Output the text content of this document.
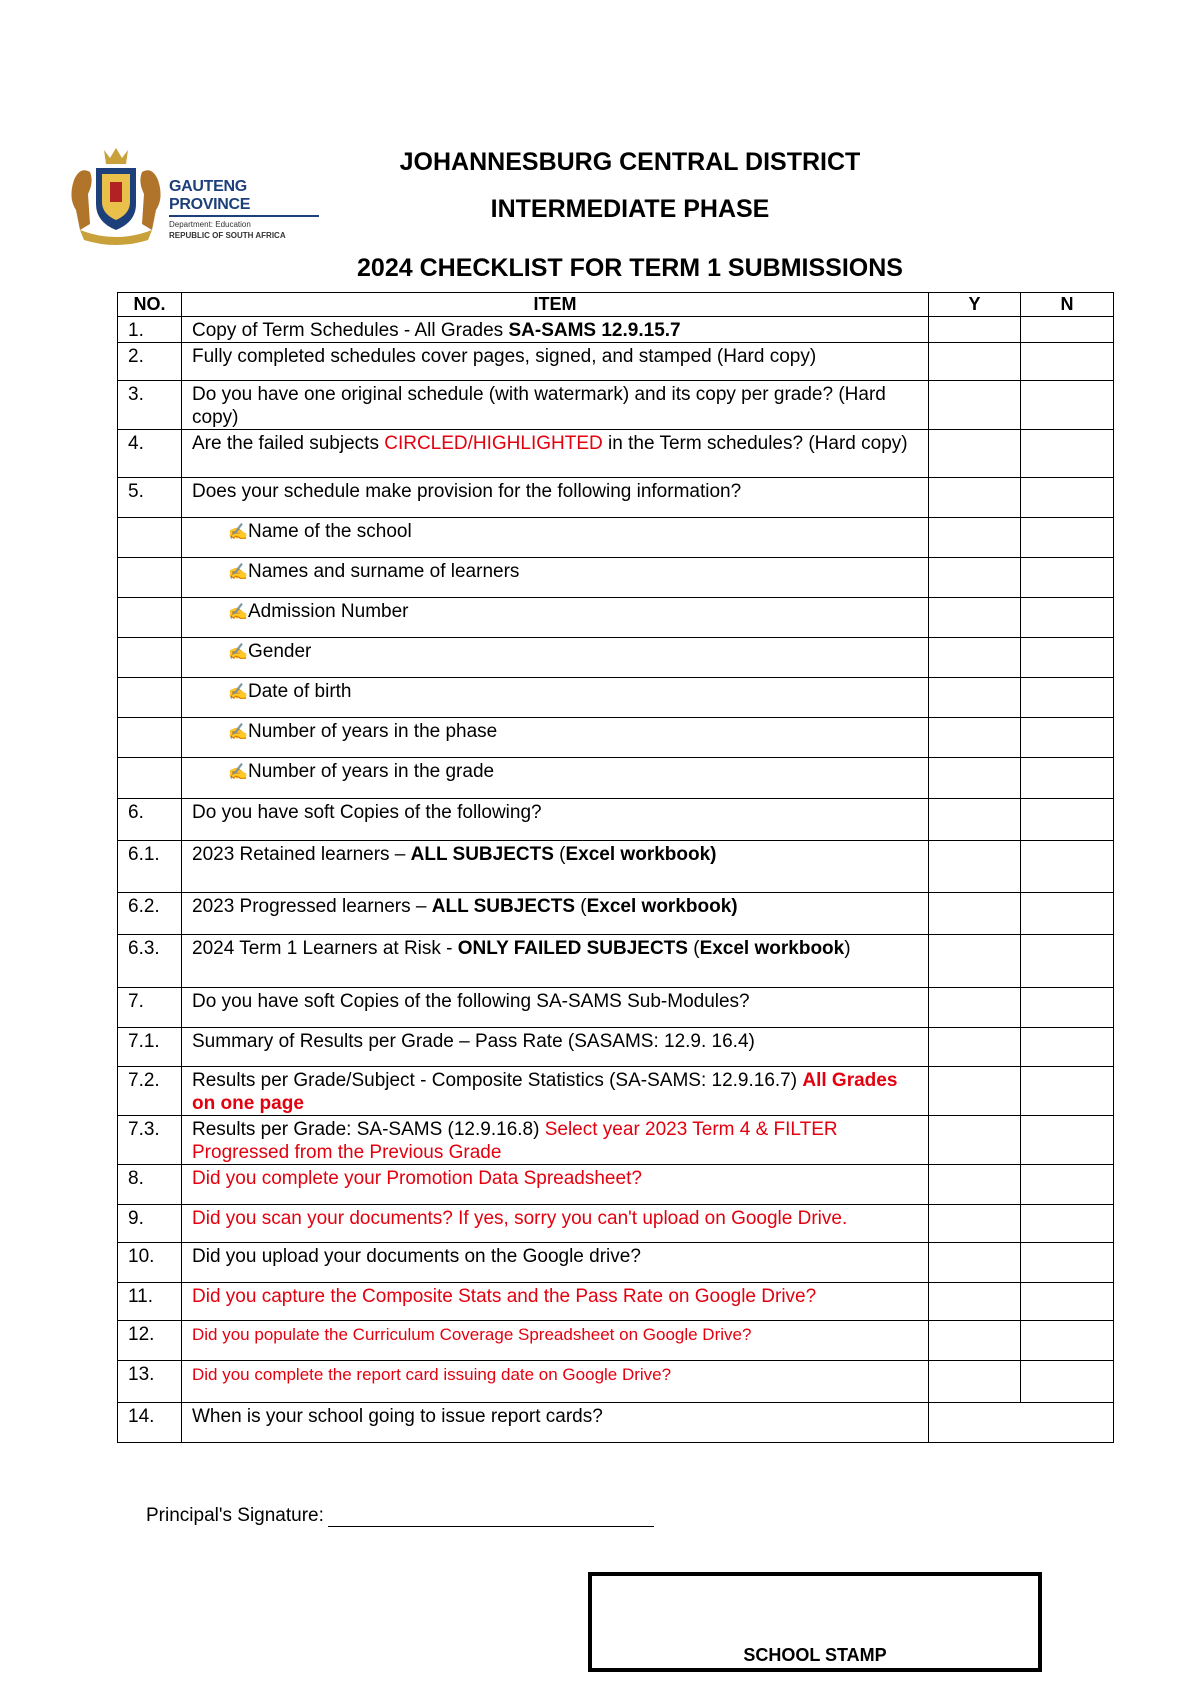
GAUTENG PROVINCE
Department: Education
REPUBLIC OF SOUTH AFRICA
JOHANNESBURG CENTRAL DISTRICT
INTERMEDIATE PHASE
2024 CHECKLIST FOR TERM 1 SUBMISSIONS
NO.	ITEM	Y	N
1.	Copy of Term Schedules - All Grades SA-SAMS 12.9.15.7		
2.	Fully completed schedules cover pages, signed, and stamped (Hard copy)		
3.	Do you have one original schedule (with watermark) and its copy per grade? (Hard copy)		
4.	Are the failed subjects CIRCLED/HIGHLIGHTED in the Term schedules? (Hard copy)		
5.	Does your schedule make provision for the following information?		
	✍Name of the school		
	✍Names and surname of learners		
	✍Admission Number		
	✍Gender		
	✍Date of birth		
	✍Number of years in the phase		
	✍Number of years in the grade		
6.	Do you have soft Copies of the following?		
6.1.	2023 Retained learners – ALL SUBJECTS (Excel workbook)		
6.2.	2023 Progressed learners – ALL SUBJECTS (Excel workbook)		
6.3.	2024 Term 1 Learners at Risk - ONLY FAILED SUBJECTS (Excel workbook)		
7.	Do you have soft Copies of the following SA-SAMS Sub-Modules?		
7.1.	Summary of Results per Grade – Pass Rate (SASAMS: 12.9. 16.4)		
7.2.	Results per Grade/Subject - Composite Statistics (SA-SAMS: 12.9.16.7) All Grades on one page		
7.3.	Results per Grade: SA-SAMS (12.9.16.8) Select year 2023 Term 4 & FILTER Progressed from the Previous Grade		
8.	Did you complete your Promotion Data Spreadsheet?		
9.	Did you scan your documents? If yes, sorry you can't upload on Google Drive.		
10.	Did you upload your documents on the Google drive?		
11.	Did you capture the Composite Stats and the Pass Rate on Google Drive?		
12.	Did you populate the Curriculum Coverage Spreadsheet on Google Drive?		
13.	Did you complete the report card issuing date on Google Drive?		
14.	When is your school going to issue report cards?		
Principal's Signature:
SCHOOL STAMP
